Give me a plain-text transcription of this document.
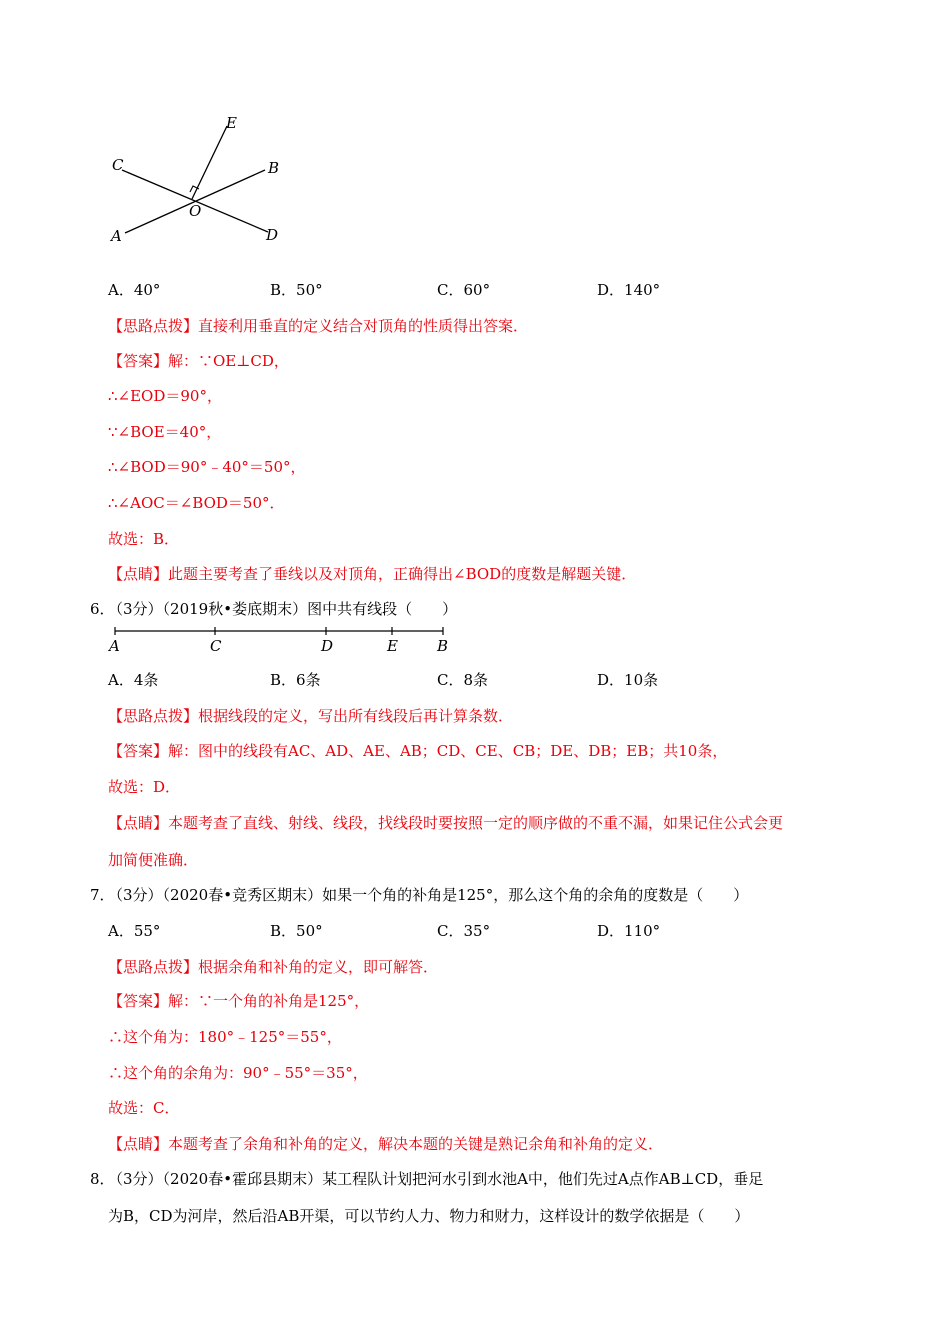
E
C	B
O
A	D
A．40°	B．50°	C．60°	D．140°
【思路点拨】直接利用垂直的定义结合对顶角的性质得出答案．
【答案】解：∵OE⊥CD，
∴∠EOD＝90°，
∵∠BOE＝40°，
∴∠BOD＝90°﹣40°＝50°，
∴∠AOC＝∠BOD＝50°．
故选：B．
【点睛】此题主要考查了垂线以及对顶角，正确得出∠BOD的度数是解题关键．
6．
（3分）（2019秋•娄底期末）图中共有线段（　　）
A	C	D	E	B
A．4条	B．6条	C．8条	D．10条
【思路点拨】根据线段的定义，写出所有线段后再计算条数．
【答案】解：图中的线段有AC、AD、AE、AB；CD、CE、CB；DE、DB；EB；共10条，
故选：D．
【点睛】本题考查了直线、射线、线段，找线段时要按照一定的顺序做的不重不漏，如果记住公式会更
加简便准确．
7．
（3分）（2020春•竞秀区期末）如果一个角的补角是125°，那么这个角的余角的度数是（　　）
A．55°	B．50°	C．35°	D．110°
【思路点拨】根据余角和补角的定义，即可解答．
【答案】解：∵一个角的补角是125°，
∴这个角为：180°﹣125°＝55°，
∴这个角的余角为：90°﹣55°＝35°，
故选：C．
【点睛】本题考查了余角和补角的定义，解决本题的关键是熟记余角和补角的定义．
8．
（3分）（2020春•霍邱县期末）某工程队计划把河水引到水池A中，他们先过A点作AB⊥CD，垂足
为B，CD为河岸，然后沿AB开渠，可以节约人力、物力和财力，这样设计的数学依据是（　　）
